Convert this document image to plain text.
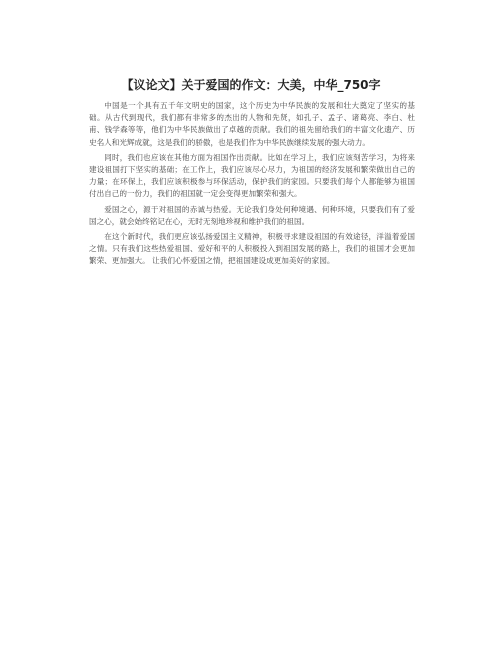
【议论文】关于爱国的作文：大美，中华_750字

中国是一个具有五千年文明史的国家，这个历史为中华民族的发展和壮大奠定了坚实的基础。从古代到现代，我们都有非常多的杰出的人物和先贤，如孔子、孟子、诸葛亮、李白、杜甫、钱学森等等，他们为中华民族做出了卓越的贡献。我们的祖先留给我们的丰富文化遗产、历史名人和光辉成就，这是我们的骄傲，也是我们作为中华民族继续发展的强大动力。

同时，我们也应该在其他方面为祖国作出贡献。比如在学习上，我们应该刻苦学习，为将来建设祖国打下坚实的基础；在工作上，我们应该尽心尽力，为祖国的经济发展和繁荣做出自己的力量；在环保上，我们应该积极参与环保活动，保护我们的家园。只要我们每个人都能够为祖国付出自己的一份力，我们的祖国就一定会变得更加繁荣和强大。

爱国之心，源于对祖国的赤诚与热爱。无论我们身处何种境遇、何种环境，只要我们有了爱国之心，就会始终铭记在心，无时无刻地珍视和维护我们的祖国。

在这个新时代，我们更应该弘扬爱国主义精神，积极寻求建设祖国的有效途径，洋溢着爱国之情。只有我们这些热爱祖国、爱好和平的人积极投入到祖国发展的路上，我们的祖国才会更加繁荣、更加强大。 让我们心怀爱国之情，把祖国建设成更加美好的家园。
